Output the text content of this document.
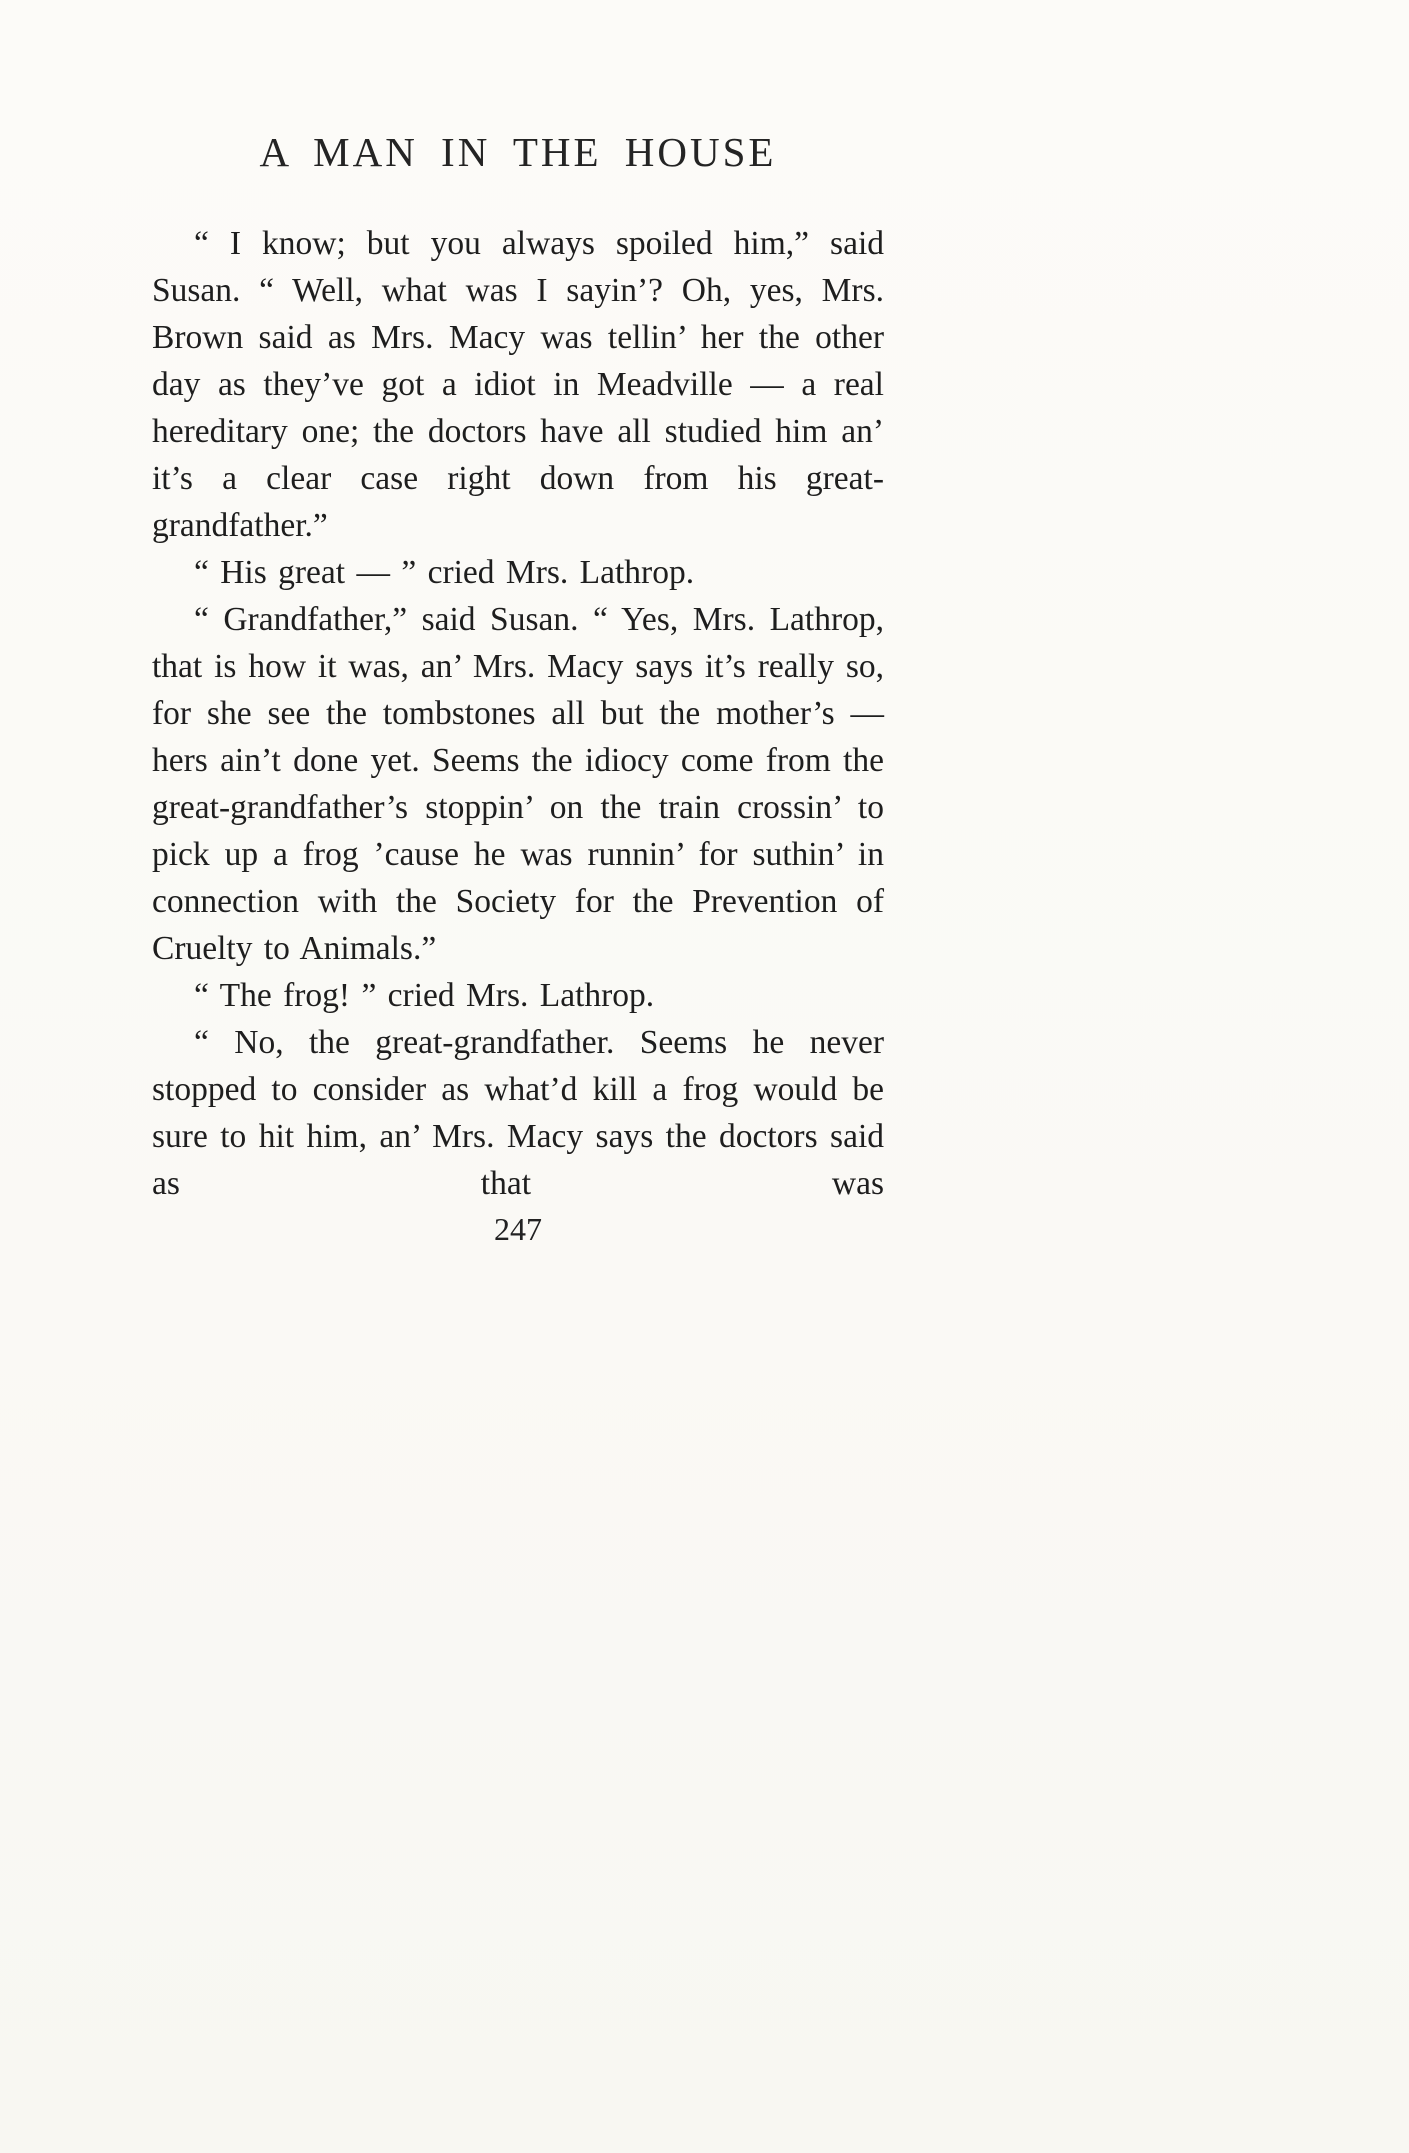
A MAN IN THE HOUSE

“ I know; but you always spoiled him,” said Susan. “ Well, what was I sayin’? Oh, yes, Mrs. Brown said as Mrs. Macy was tellin’ her the other day as they’ve got a idiot in Meadville — a real hereditary one; the doctors have all studied him an’ it’s a clear case right down from his great-grandfather.”

“ His great — ” cried Mrs. Lathrop.

“ Grandfather,” said Susan. “ Yes, Mrs. Lathrop, that is how it was, an’ Mrs. Macy says it’s really so, for she see the tombstones all but the mother’s — hers ain’t done yet. Seems the idiocy come from the great-grandfather’s stoppin’ on the train crossin’ to pick up a frog ’cause he was runnin’ for suthin’ in connection with the Society for the Prevention of Cruelty to Animals.”

“ The frog! ” cried Mrs. Lathrop.

“ No, the great-grandfather. Seems he never stopped to consider as what’d kill a frog would be sure to hit him, an’ Mrs. Macy says the doctors said as that was

247
